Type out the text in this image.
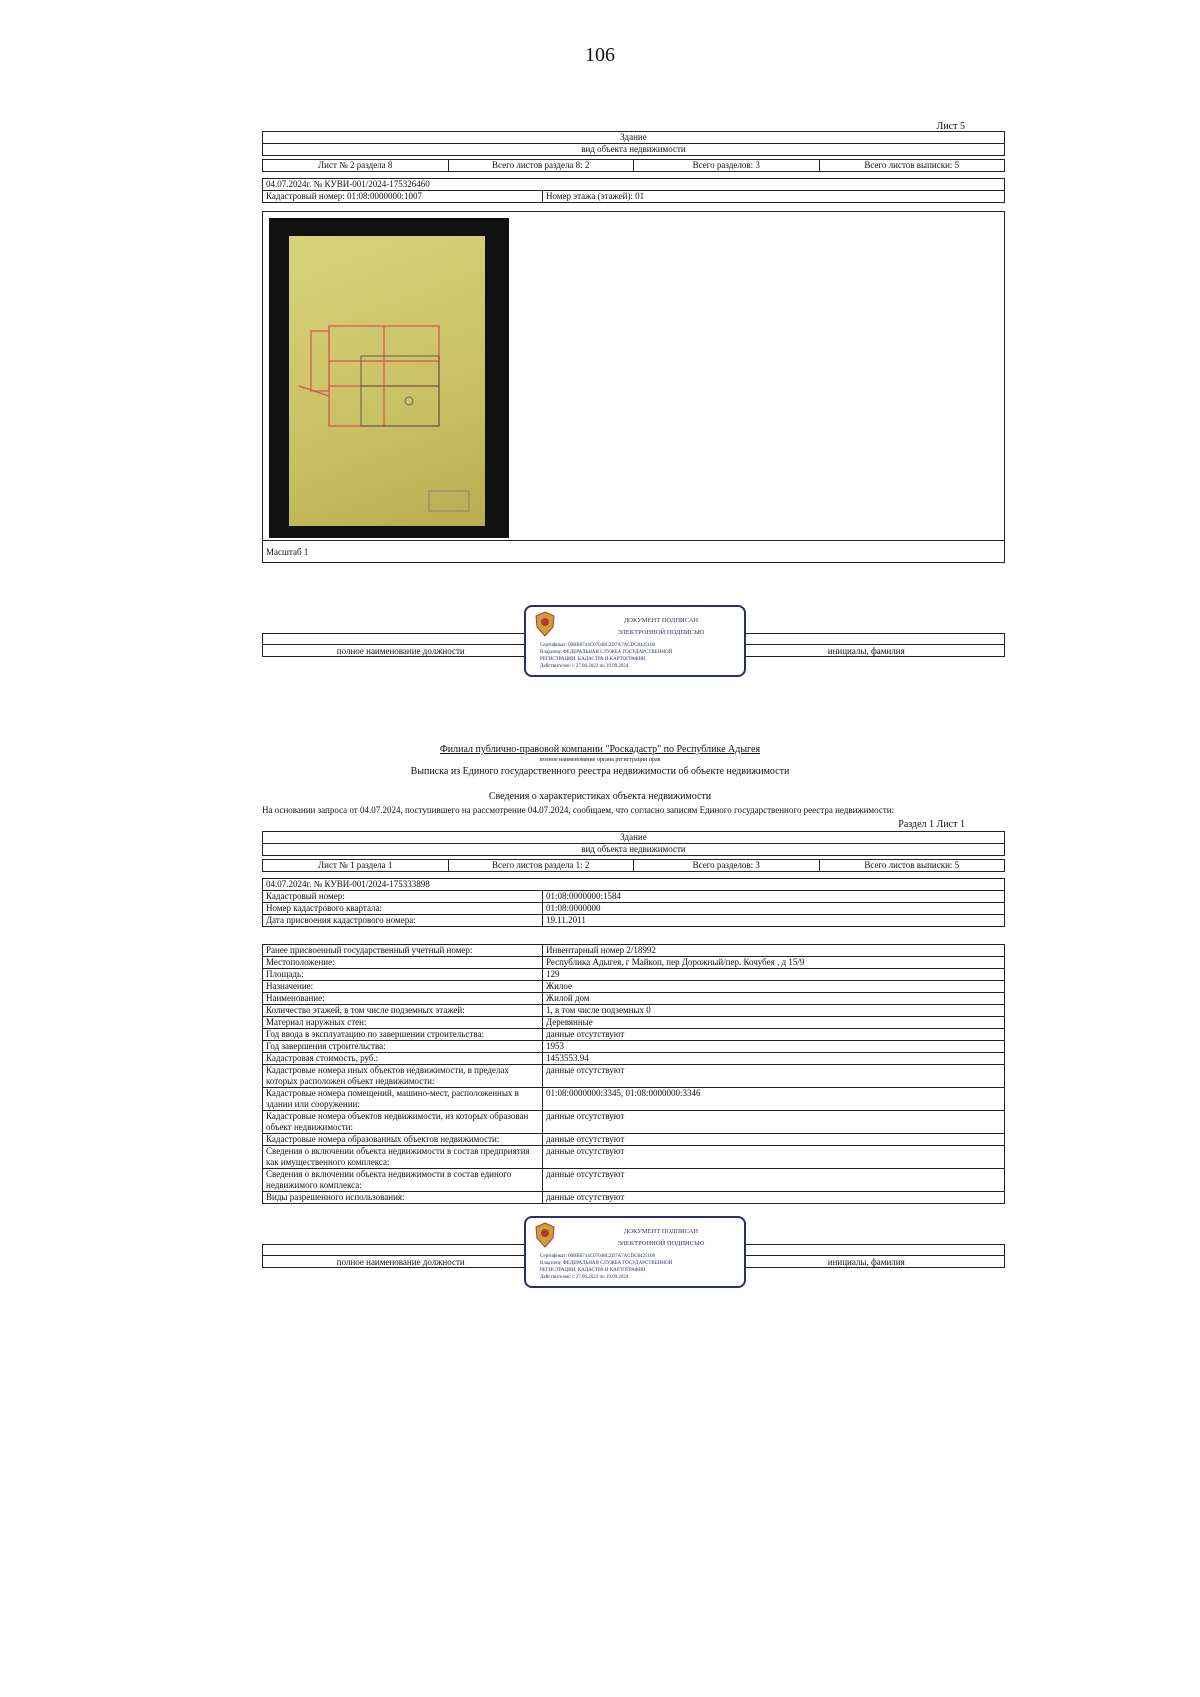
106
Лист 5
Здание
вид объекта недвижимости
Лист № 2 раздела 8	Всего листов раздела 8: 2	Всего разделов: 3	Всего листов выписки: 5
04.07.2024г. № КУВИ-001/2024-175326460
Кадастровый номер: 01:08:0000000:1007	Номер этажа (этажей): 01
Масштаб 1
полное наименование должности	инициалы, фамилия
ДОКУМЕНТ ПОДПИСАН
ЭЛЕКТРОННОЙ ПОДПИСЬЮ
Сертификат: 00BB0744C07048C2D7A7ACDC8425108
Владелец: ФЕДЕРАЛЬНАЯ СЛУЖБА ГОСУДАРСТВЕННОЙ
РЕГИСТРАЦИИ, КАДАСТРА И КАРТОГРАФИИ
Действителен: с 27.06.2023 по 19.09.2024
Филиал публично-правовой компании "Роскадастр" по Республике Адыгея
полное наименование органа регистрации прав
Выписка из Единого государственного реестра недвижимости об объекте недвижимости
Сведения о характеристиках объекта недвижимости
На основании запроса от 04.07.2024, поступившего на рассмотрение 04.07.2024, сообщаем, что согласно записям Единого государственного реестра недвижимости:
Раздел 1 Лист 1
Здание
вид объекта недвижимости
Лист № 1 раздела 1	Всего листов раздела 1: 2	Всего разделов: 3	Всего листов выписки: 5
04.07.2024г. № КУВИ-001/2024-175333898
Кадастровый номер:	01:08:0000000:1584
Номер кадастрового квартала:	01:08:0000000
Дата присвоения кадастрового номера:	19.11.2011
Ранее присвоенный государственный учетный номер:	Инвентарный номер 2/18992
Местоположение:	Республика Адыгея, г Майкоп, пер Дорожный/пер. Кочубея , д 15/9
Площадь:	129
Назначение:	Жилое
Наименование:	Жилой дом
Количество этажей, в том числе подземных этажей:	1, в том числе подземных 0
Материал наружных стен:	Деревянные
Год ввода в эксплуатацию по завершении строительства:	данные отсутствуют
Год завершения строительства:	1953
Кадастровая стоимость, руб.:	1453553.94
Кадастровые номера иных объектов недвижимости, в пределах которых расположен объект недвижимости:
данные отсутствуют
Кадастровые номера помещений, машино-мест, расположенных в здании или сооружении:
01:08:0000000:3345, 01:08:0000000:3346
Кадастровые номера объектов недвижимости, из которых образован объект недвижимости:
данные отсутствуют
Кадастровые номера образованных объектов недвижимости:	данные отсутствуют
Сведения о включении объекта недвижимости в состав предприятия как имущественного комплекса:
данные отсутствуют
Сведения о включении объекта недвижимости в состав единого недвижимого комплекса:
данные отсутствуют
Виды разрешенного использования:	данные отсутствуют
полное наименование должности	инициалы, фамилия
ДОКУМЕНТ ПОДПИСАН
ЭЛЕКТРОННОЙ ПОДПИСЬЮ
Сертификат: 00BB0744C07048C2D7A7ACDC8425108
Владелец: ФЕДЕРАЛЬНАЯ СЛУЖБА ГОСУДАРСТВЕННОЙ
РЕГИСТРАЦИИ, КАДАСТРА И КАРТОГРАФИИ
Действителен: с 27.06.2023 по 19.09.2024
